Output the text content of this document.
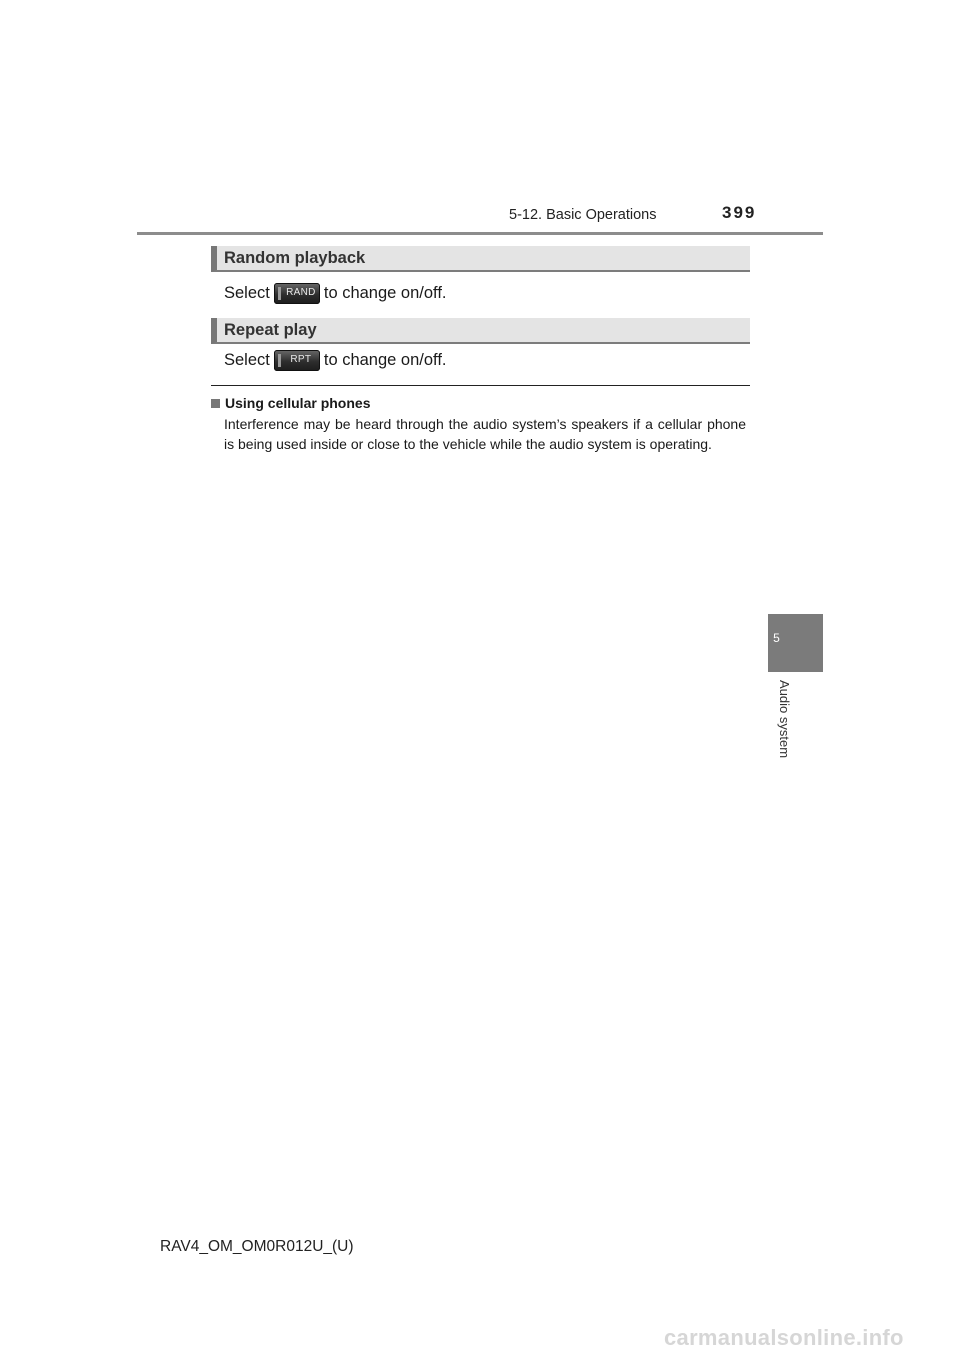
5-12. Basic Operations	399
5
Audio system
Random playback
Select

RAND

to change on/off.
Repeat play
Select

	RPT

to change on/off.
Using cellular phones
Interference may be heard through the audio system’s speakers if a cellular phone is being used inside or close to the vehicle while the audio system is operating.
RAV4_OM_OM0R012U_(U)
carmanualsonline.info
